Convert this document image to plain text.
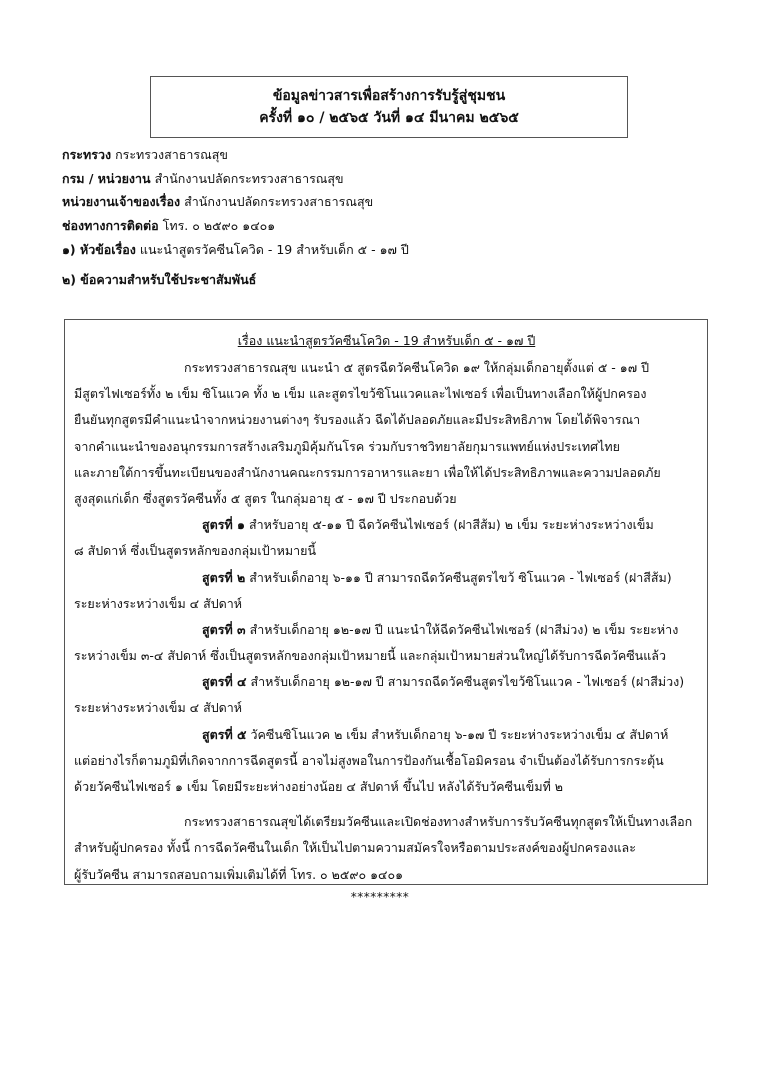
ข้อมูลข่าวสารเพื่อสร้างการรับรู้สู่ชุมชน
ครั้งที่ ๑๐ / ๒๕๖๕ วันที่ ๑๔ มีนาคม ๒๕๖๕
กระทรวง กระทรวงสาธารณสุข
กรม / หน่วยงาน สำนักงานปลัดกระทรวงสาธารณสุข
หน่วยงานเจ้าของเรื่อง สำนักงานปลัดกระทรวงสาธารณสุข
ช่องทางการติดต่อ โทร. ๐ ๒๕๙๐ ๑๔๐๑
๑) หัวข้อเรื่อง แนะนำสูตรวัคซีนโควิด - 19 สำหรับเด็ก ๕ - ๑๗ ปี
๒) ข้อความสำหรับใช้ประชาสัมพันธ์
เรื่อง แนะนำสูตรวัคซีนโควิด - 19 สำหรับเด็ก ๕ - ๑๗ ปี
กระทรวงสาธารณสุข แนะนำ ๕ สูตรฉีดวัคซีนโควิด ๑๙ ให้กลุ่มเด็กอายุตั้งแต่ ๕ - ๑๗ ปี
มีสูตรไฟเซอร์ทั้ง ๒ เข็ม ซิโนแวค ทั้ง ๒ เข็ม และสูตรไขว้ซิโนแวคและไฟเซอร์ เพื่อเป็นทางเลือกให้ผู้ปกครอง
ยืนยันทุกสูตรมีคำแนะนำจากหน่วยงานต่างๆ รับรองแล้ว ฉีดได้ปลอดภัยและมีประสิทธิภาพ โดยได้พิจารณา
จากคำแนะนำของอนุกรรมการสร้างเสริมภูมิคุ้มกันโรค ร่วมกับราชวิทยาลัยกุมารแพทย์แห่งประเทศไทย
และภายใต้การขึ้นทะเบียนของสำนักงานคณะกรรมการอาหารและยา เพื่อให้ได้ประสิทธิภาพและความปลอดภัย
สูงสุดแก่เด็ก ซึ่งสูตรวัคซีนทั้ง ๕ สูตร ในกลุ่มอายุ ๕ - ๑๗ ปี ประกอบด้วย
สูตรที่ ๑ สำหรับอายุ ๕-๑๑ ปี ฉีดวัคซีนไฟเซอร์ (ฝาสีส้ม) ๒ เข็ม ระยะห่างระหว่างเข็ม
๘ สัปดาห์ ซึ่งเป็นสูตรหลักของกลุ่มเป้าหมายนี้
สูตรที่ ๒ สำหรับเด็กอายุ ๖-๑๑ ปี สามารถฉีดวัคซีนสูตรไขว้ ซิโนแวค - ไฟเซอร์ (ฝาสีส้ม)
ระยะห่างระหว่างเข็ม ๔ สัปดาห์
สูตรที่ ๓ สำหรับเด็กอายุ ๑๒-๑๗ ปี แนะนำให้ฉีดวัคซีนไฟเซอร์ (ฝาสีม่วง) ๒ เข็ม ระยะห่าง
ระหว่างเข็ม ๓-๔ สัปดาห์ ซึ่งเป็นสูตรหลักของกลุ่มเป้าหมายนี้ และกลุ่มเป้าหมายส่วนใหญ่ได้รับการฉีดวัคซีนแล้ว
สูตรที่ ๔ สำหรับเด็กอายุ ๑๒-๑๗ ปี สามารถฉีดวัคซีนสูตรไขว้ซิโนแวค - ไฟเซอร์ (ฝาสีม่วง)
ระยะห่างระหว่างเข็ม ๔ สัปดาห์
สูตรที่ ๕ วัคซีนซิโนแวค ๒ เข็ม สำหรับเด็กอายุ ๖-๑๗ ปี ระยะห่างระหว่างเข็ม ๔ สัปดาห์
แต่อย่างไรก็ตามภูมิที่เกิดจากการฉีดสูตรนี้ อาจไม่สูงพอในการป้องกันเชื้อโอมิครอน จำเป็นต้องได้รับการกระตุ้น
ด้วยวัคซีนไฟเซอร์ ๑ เข็ม โดยมีระยะห่างอย่างน้อย ๔ สัปดาห์ ขึ้นไป หลังได้รับวัคซีนเข็มที่ ๒
กระทรวงสาธารณสุขได้เตรียมวัคซีนและเปิดช่องทางสำหรับการรับวัคซีนทุกสูตรให้เป็นทางเลือก
สำหรับผู้ปกครอง ทั้งนี้ การฉีดวัคซีนในเด็ก ให้เป็นไปตามความสมัครใจหรือตามประสงค์ของผู้ปกครองและ
ผู้รับวัคซีน สามารถสอบถามเพิ่มเติมได้ที่ โทร. ๐ ๒๕๙๐ ๑๔๐๑
*********
